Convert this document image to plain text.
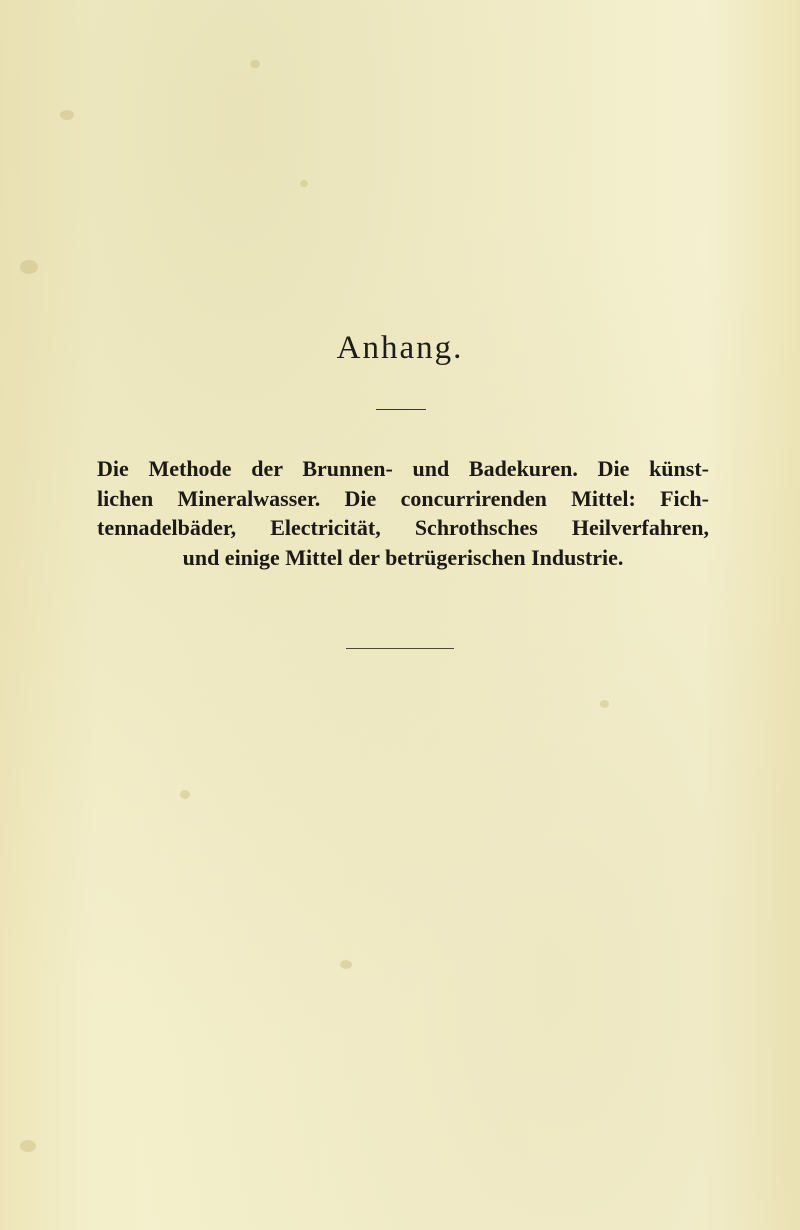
Anhang.
Die Methode der Brunnen- und Badekuren. Die künst-
lichen Mineralwasser. Die concurrirenden Mittel: Fich-
tennadelbäder, Electricität, Schrothsches Heilverfahren,
und einige Mittel der betrügerischen Industrie.
